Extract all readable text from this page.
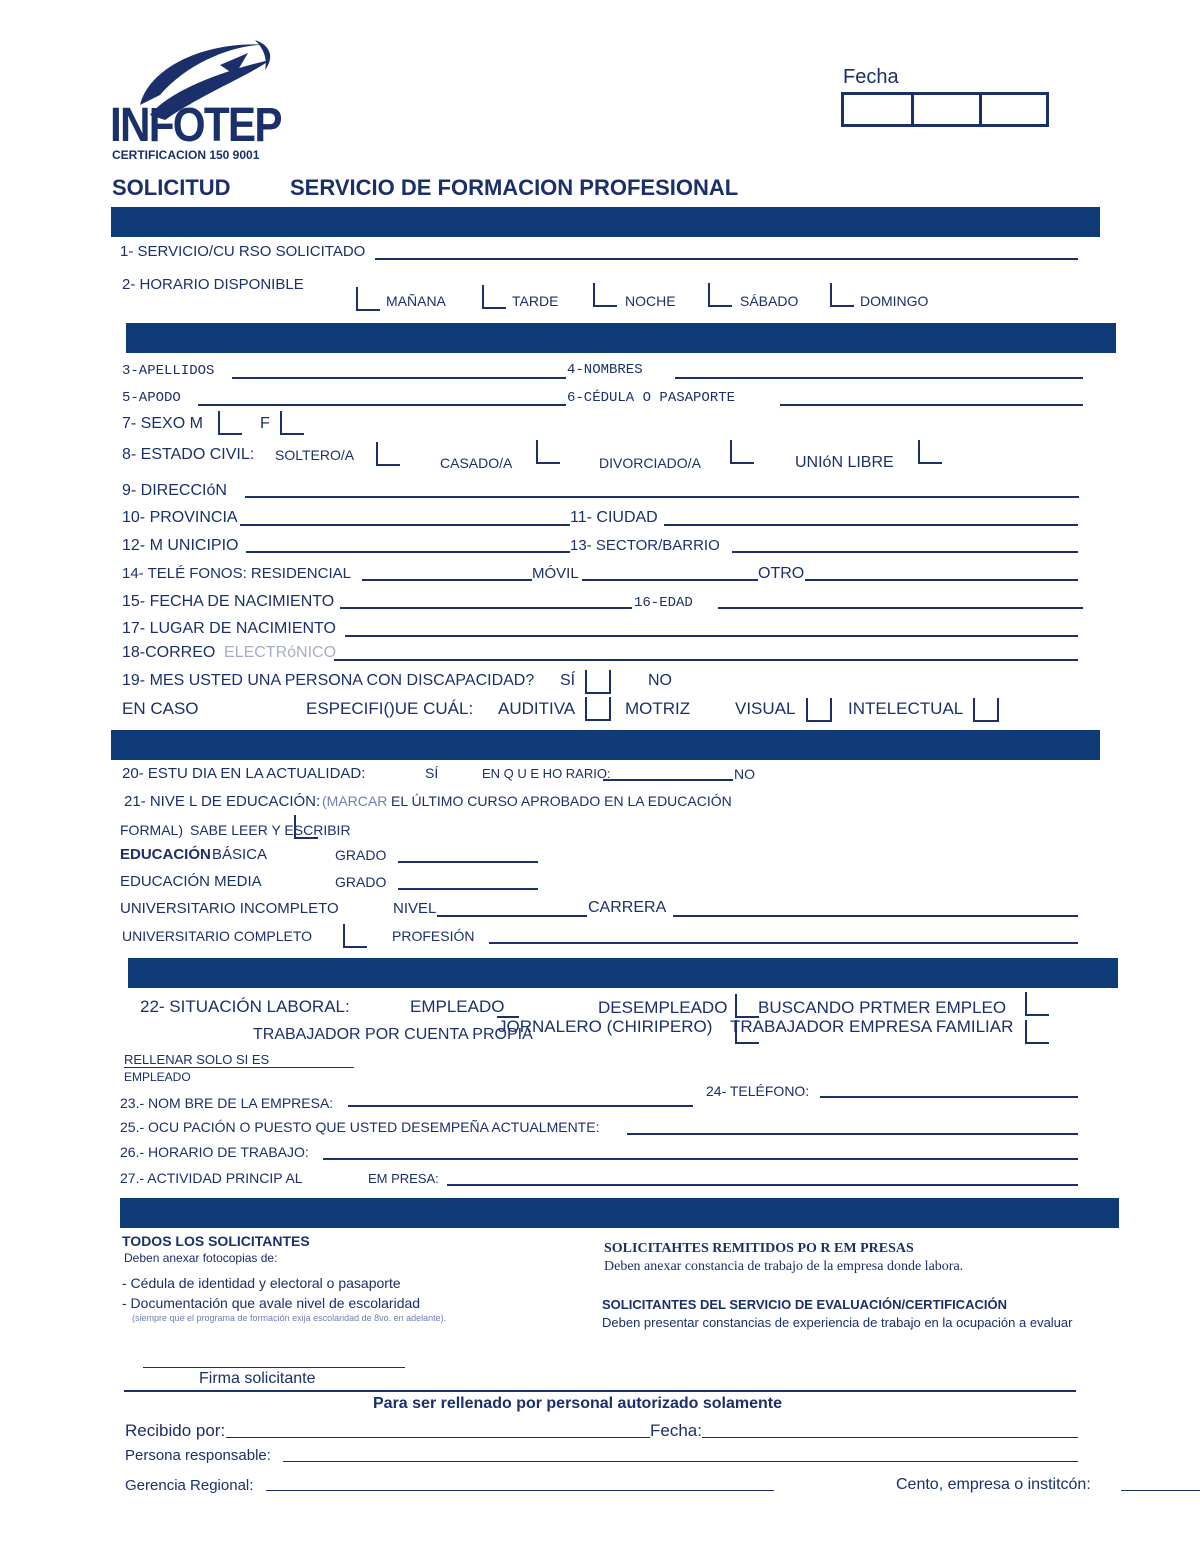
INFOTEP
CERTIFICACION 150 9001
Fecha
SOLICITUD	SERVICIO DE FORMACION PROFESIONAL
1- SERVICIO/CU RSO SOLICITADO
2- HORARIO DISPONIBLE
MAÑANA	TARDE	NOCHE	SÁBADO	DOMINGO
3-APELLIDOS	4-NOMBRES
5-APODO	6-CÉDULA O PASAPORTE
7- SEXO M	F
8- ESTADO CIVIL: SOLTERO/A	CASADO/A	DIVORCIADO/A	UNIóN LIBRE
9- DIRECCIóN
10- PROVINCIA	11- CIUDAD
12- M UNICIPIO	13- SECTOR/BARRIO
14- TELÉ FONOS: RESIDENCIAL	MÓVIL	OTRO
15- FECHA DE NACIMIENTO	16-EDAD
17- LUGAR DE NACIMIENTO
18-CORREO ELECTRóNICO
19- MES USTED UNA PERSONA CON DISCAPACIDAD? SÍ	NO
EN CASO	ESPECIFI()UE CUÁL: AUDITIVA	MOTRIZ	VISUAL	INTELECTUAL
20- ESTU DIA EN LA ACTUALIDAD:	SÍ	EN Q U E HO RARIO:	NO
21- NIVE L DE EDUCACIÓN: (MARCAR EL ÚLTIMO CURSO APROBADO EN LA EDUCACIÓN
FORMAL) SABE LEER Y ESCRIBIR
EDUCACIÓN BÁSICA	GRADO
EDUCACIÓN MEDIA	GRADO
UNIVERSITARIO INCOMPLETO	NIVEL	CARRERA
UNIVERSITARIO COMPLETO	PROFESIÓN
22- SITUACIÓN LABORAL:	EMPLEADO	DESEMPLEADO BUSCANDO PRTMER EMPLEO
TRABAJADOR POR CUENTA PROPIA
JORNALERO (CHIRIPERO) TRABAJADOR EMPRESA FAMILIAR
RELLENAR SOLO SI ES
EMPLEADO
24- TELÉFONO:
23.- NOM BRE DE LA EMPRESA:
25.- OCU PACIÓN O PUESTO QUE USTED DESEMPEÑA ACTUALMENTE:
26.- HORARIO DE TRABAJO:
27.- ACTIVIDAD PRINCIP AL	EM PRESA:
TODOS LOS SOLICITANTES
Deben anexar fotocopias de:
- Cédula de identidad y electoral o pasaporte
- Documentación que avale nivel de escolaridad
(siempre que el programa de formación exija escolaridad de 8vo. en adelante).
SOLICITAHTES REMITIDOS PO R EM PRESAS
Deben anexar constancia de trabajo de la empresa donde labora.
SOLICITANTES DEL SERVICIO DE EVALUACIÓN/CERTIFICACIÓN
Deben presentar constancias de experiencia de trabajo en la ocupación a evaluar
Firma solicitante
Para ser rellenado por personal autorizado solamente
Recibido por:	Fecha:
Persona responsable:
Gerencia Regional:	Cento, empresa o institcón:
